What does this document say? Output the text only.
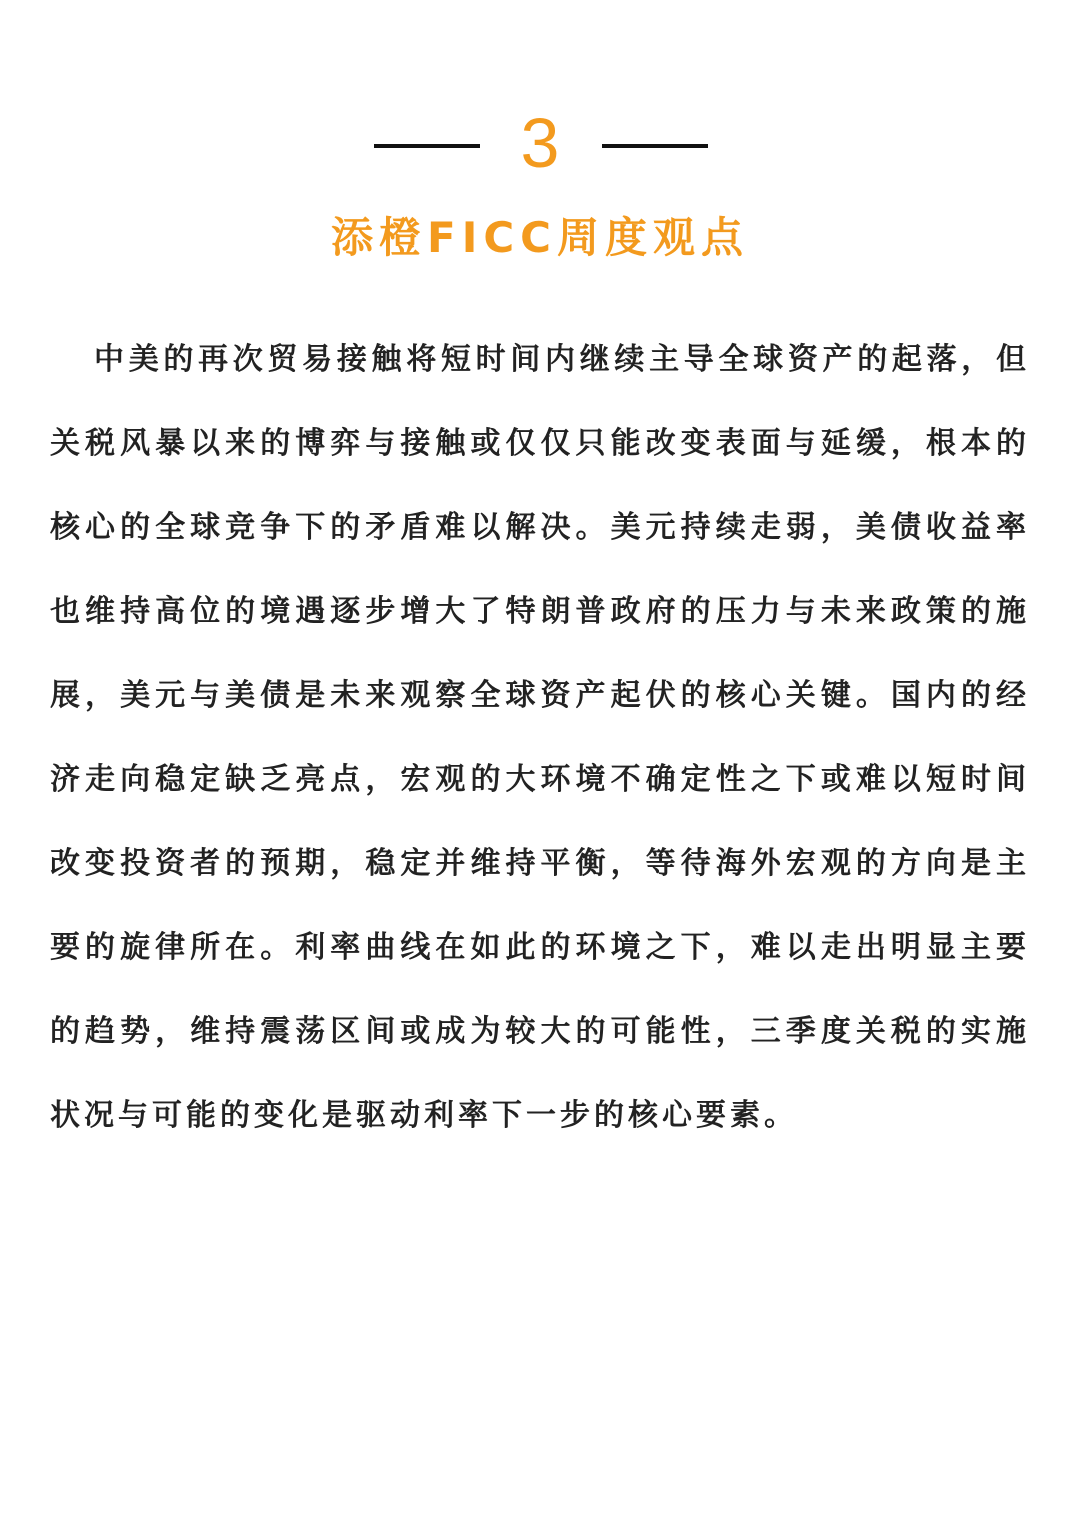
3
添橙FICC周度观点

中美的再次贸易接触将短时间内继续主导全球资产的起落，但关税风暴以来的博弈与接触或仅仅只能改变表面与延缓，根本的核心的全球竞争下的矛盾难以解决。美元持续走弱，美债收益率也维持高位的境遇逐步增大了特朗普政府的压力与未来政策的施展，美元与美债是未来观察全球资产起伏的核心关键。国内的经济走向稳定缺乏亮点，宏观的大环境不确定性之下或难以短时间改变投资者的预期，稳定并维持平衡，等待海外宏观的方向是主要的旋律所在。利率曲线在如此的环境之下，难以走出明显主要的趋势，维持震荡区间或成为较大的可能性，三季度关税的实施状况与可能的变化是驱动利率下一步的核心要素。
